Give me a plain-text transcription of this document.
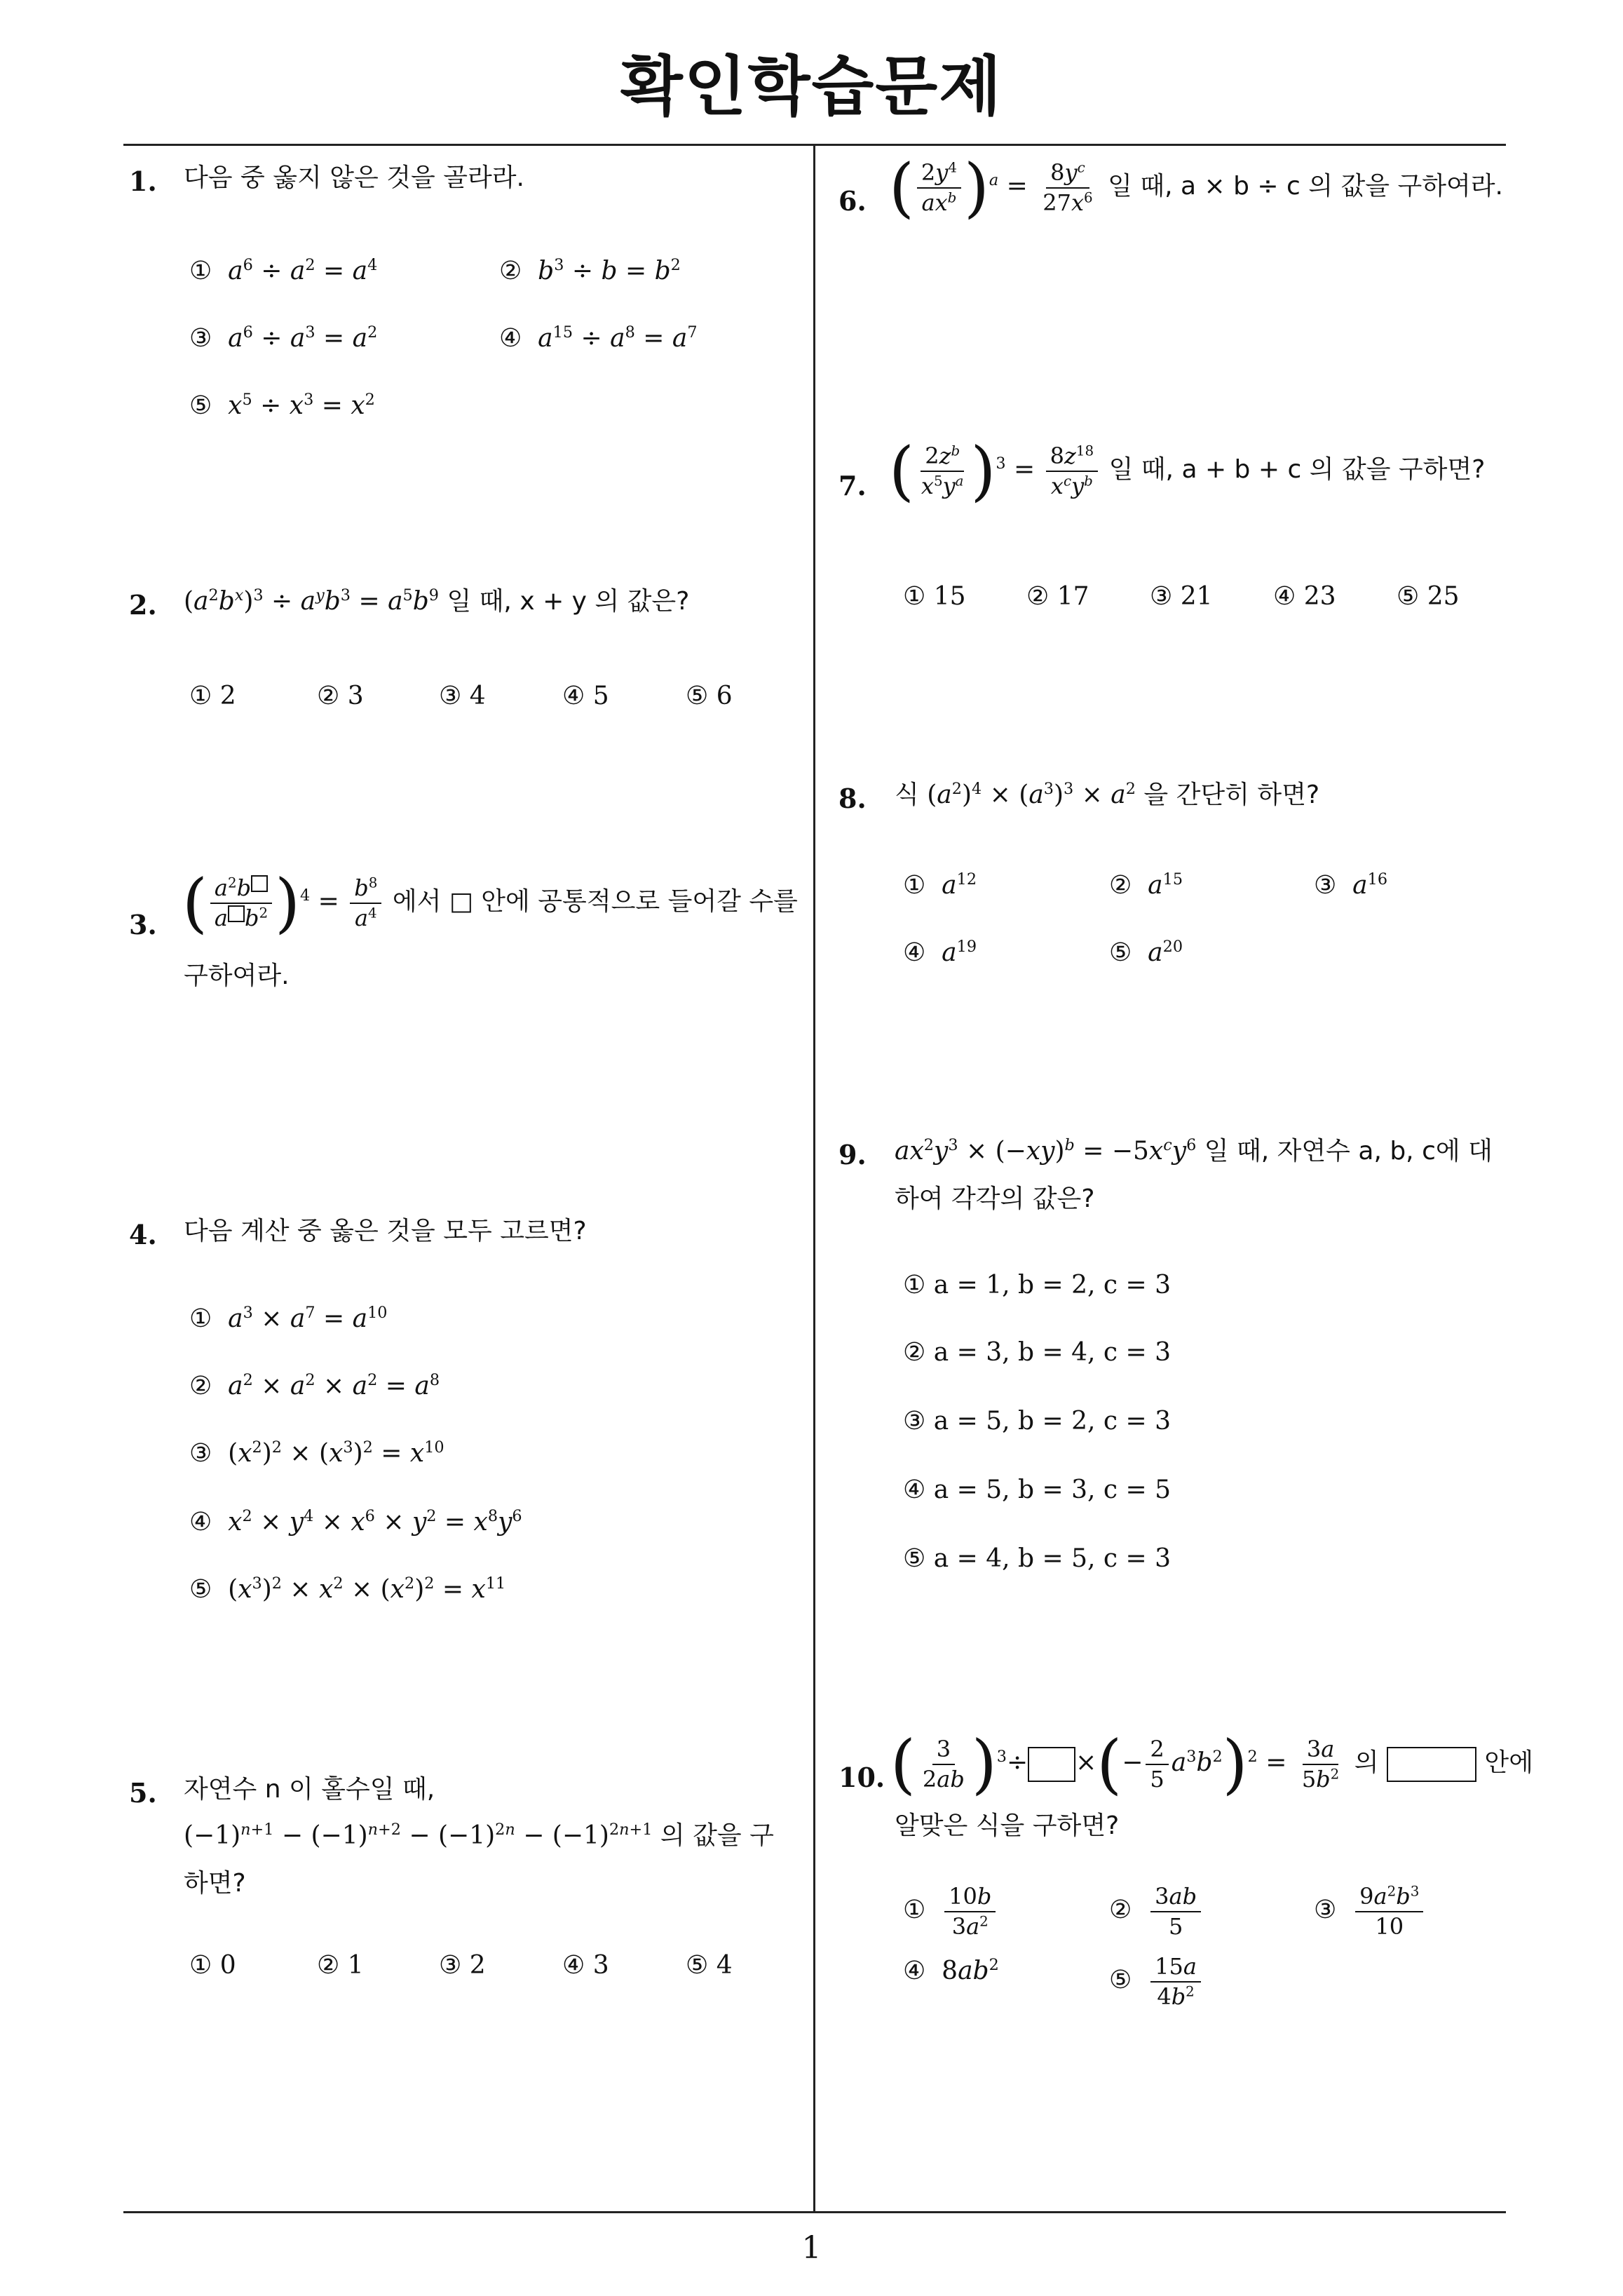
확인학습문제
1
1. 다음 중 옳지 않은 것을 골라라.
① $a^6 \div a^2 = a^4$	② $b^3 \div b = b^2$
③ $a^6 \div a^3 = a^2$	④ $a^{15} \div a^8 = a^7$
⑤ $x^5 \div x^3 = x^2$
2. $(a^2b^x)^3 \div a^yb^3 = a^5b^9$ 일 때, x + y 의 값은?
① 2	② 3	③ 4	④ 5	⑤ 6
3. ( $\frac{a^2b}{a b^2} )^4 = \frac{b^8}{a^4}$ 에서 □ 안에 공통적으로 들어갈 수를
구하여라.
4. 다음 계산 중 옳은 것을 모두 고르면?
①  $a^3 \times a^7 = a^{10}$
②  $a^2 \times a^2 \times a^2 = a^8$
③  $(x^2)^2 \times (x^3)^2 = x^{10}$
④  $x^2 \times y^4 \times x^6 \times y^2 = x^8y^6$
⑤  $(x^3)^2 \times x^2 \times (x^2)^2 = x^{11}$
5. 자연수 n 이 홀수일 때,
$(-1)^{n+1} - (-1)^{n+2} - (-1)^{2n} - (-1)^{2n+1}$ 의 값을 구
하면?
① 0	② 1	③ 2	④ 3	⑤ 4
6. ( $\frac{2y^4}{ax^b} )^a = \frac{8y^c}{27x^6}$ 일 때, a × b ÷ c 의 값을 구하여라.
7. ( $\frac{2z^b}{x^5y^a} )^3 = \frac{8z^{18}}{x^cy^b}$ 일 때, a + b + c 의 값을 구하면?
① 15 ② 17 ③ 21 ④ 23 ⑤ 25
8. 식 $(a^2)^4 \times (a^3)^3 \times a^2$ 을 간단히 하면?
①  $a^{12}$	②  $a^{15}$	③  $a^{16}$
④  $a^{19}$	⑤  $a^{20}$
9. $ax^2y^3 \times (-xy)^b = -5x^cy^6$ 일 때, 자연수 a, b, c에 대
하여 각각의 값은?
① a = 1, b = 2, c = 3
② a = 3, b = 4, c = 3
③ a = 5, b = 2, c = 3
④ a = 5, b = 3, c = 5
⑤ a = 4, b = 5, c = 3
10. ( $\frac{3}{2ab} )^3\div$ ×(− $\frac{2}{5} a^3b^2)^2 = \frac{3a}{5b^2}$ 의	안에
알맞은 식을 구하면?
① $\frac{10b}{3a^2}$	② $\frac{3ab}{5}$	③ $\frac{9a^2b^3}{10}$
④  $8ab^2$
⑤ $\frac{15a}{4b^2}$
